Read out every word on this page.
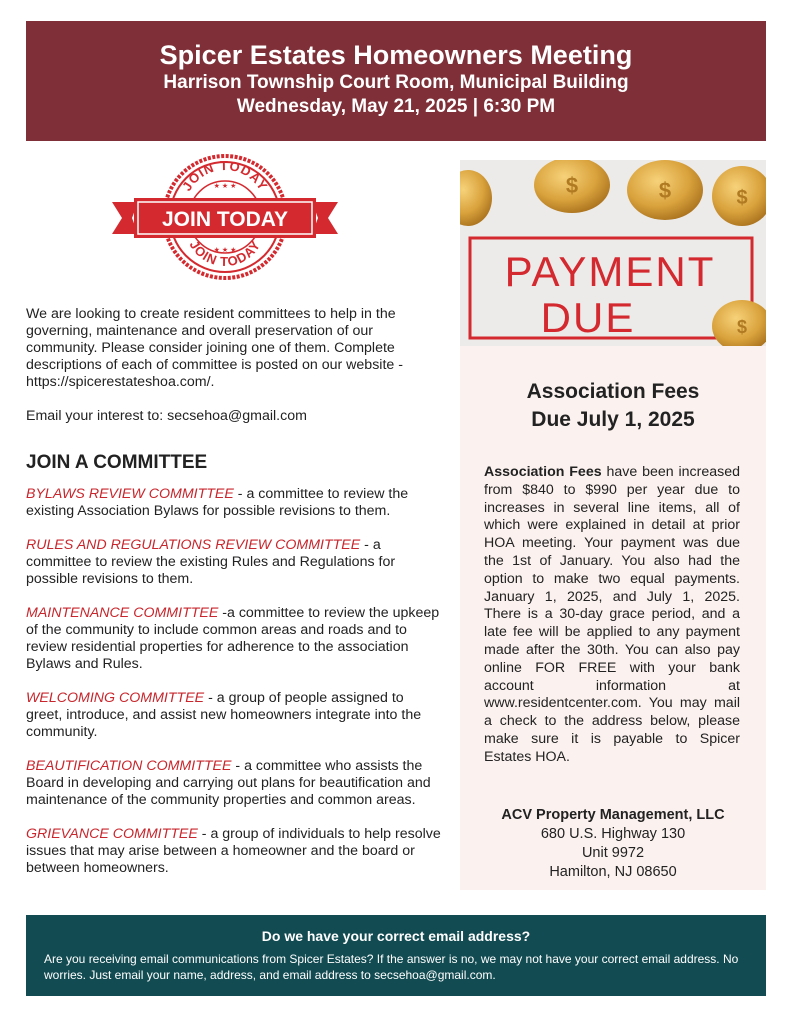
Spicer Estates Homeowners Meeting
Harrison Township Court Room, Municipal Building
Wednesday, May 21, 2025 | 6:30 PM
JOIN TODAY
JOIN TODAY
JOIN TODAY
★ ★ ★
★ ★ ★
We are looking to create resident committees to help in the governing, maintenance and overall preservation of our community. Please consider joining one of them. Complete descriptions of each of committee is posted on our website - https://spicerestateshoa.com/.
Email your interest to: secsehoa@gmail.com
JOIN A COMMITTEE
BYLAWS REVIEW COMMITTEE - a committee to review the existing Association Bylaws for possible revisions to them.
RULES AND REGULATIONS REVIEW COMMITTEE - a committee to review the existing Rules and Regulations for possible revisions to them.
MAINTENANCE COMMITTEE -a committee to review the upkeep of the community to include common areas and roads and to review residential properties for adherence to the association Bylaws and Rules.
WELCOMING COMMITTEE - a group of people assigned to greet, introduce, and assist new homeowners integrate into the community.
BEAUTIFICATION COMMITTEE - a committee who assists the Board in developing and carrying out plans for beautification and maintenance of the community properties and common areas.
GRIEVANCE COMMITTEE - a group of individuals to help resolve issues that may arise between a homeowner and the board or between homeowners.
PAYMENT
DUE
$	$	$
$
Association Fees
Due July 1, 2025
Association Fees have been increased from $840 to $990 per year due to increases in several line items, all of which were explained in detail at prior HOA meeting. Your payment was due the 1st of January. You also had the option to make two equal payments. January 1, 2025, and July 1, 2025. There is a 30-day grace period, and a late fee will be applied to any payment made after the 30th. You can also pay online FOR FREE with your bank account information at www.residentcenter.com. You may mail a check to the address below, please make sure it is payable to Spicer Estates HOA.
ACV Property Management, LLC
680 U.S. Highway 130
Unit 9972
Hamilton, NJ 08650
Do we have your correct email address?
Are you receiving email communications from Spicer Estates? If the answer is no, we may not have your correct email address. No worries. Just email your name, address, and email address to secsehoa@gmail.com.
